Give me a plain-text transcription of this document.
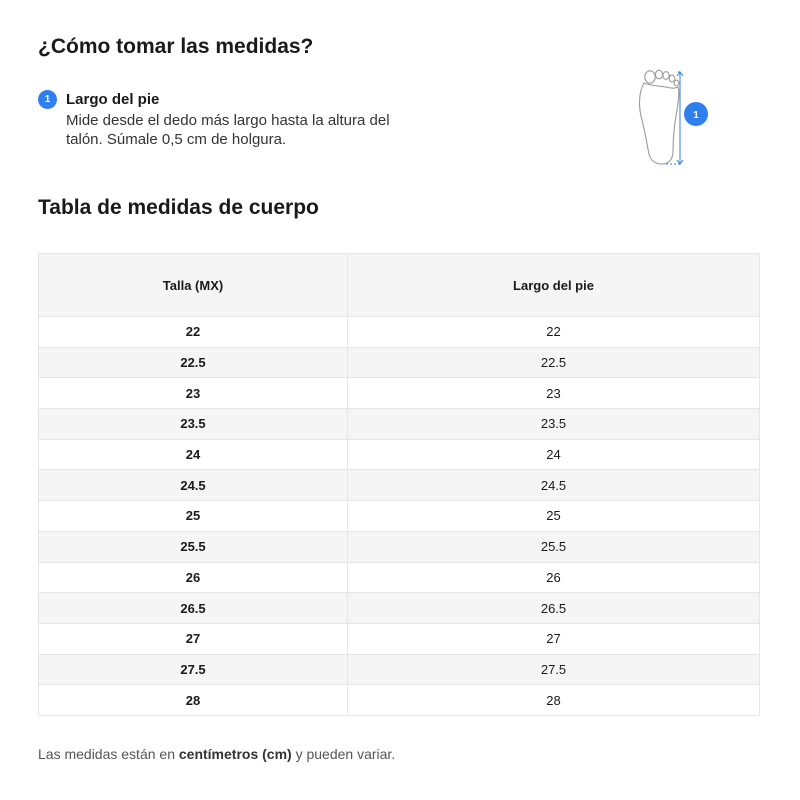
¿Cómo tomar las medidas?
1	Largo del pie
Mide desde el dedo más largo hasta la altura del talón. Súmale 0,5 cm de holgura.
1
Tabla de medidas de cuerpo
Talla (MX)	Largo del pie
22	22
22.5	22.5
23	23
23.5	23.5
24	24
24.5	24.5
25	25
25.5	25.5
26	26
26.5	26.5
27	27
27.5	27.5
28	28
Las medidas están en centímetros (cm) y pueden variar.
